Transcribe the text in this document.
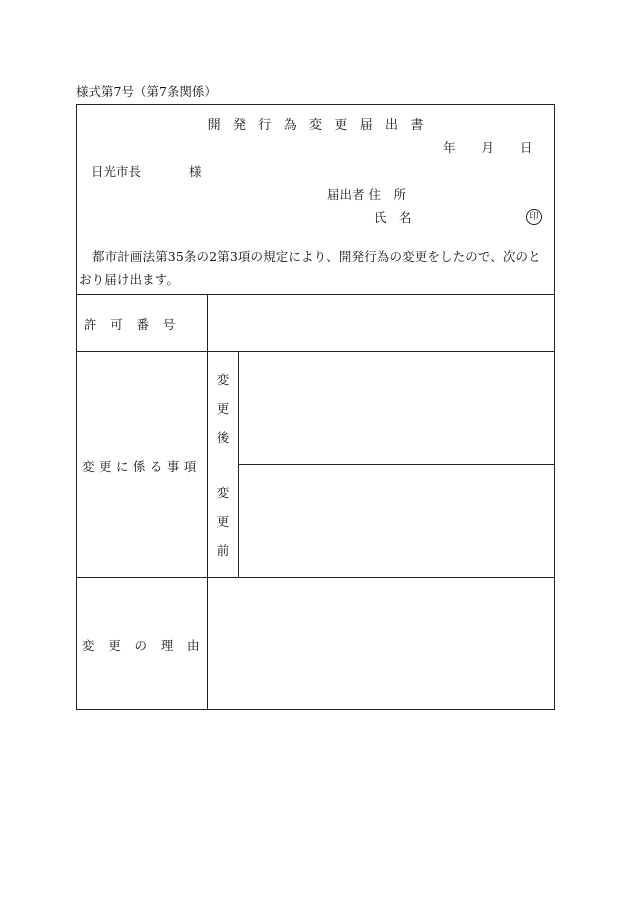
様式第7号（第7条関係）
開発行為変更届出書
年 月 日
日光市長	様
届出者 住　所
氏　名	印
都市計画法第35条の2第3項の規定により、開発行為の変更をしたので、次のとおり届け出ます。
許　可　番　号
変 更 に 係 る 事 項
変
更
後
変
更
前
変　更　の　理　由
